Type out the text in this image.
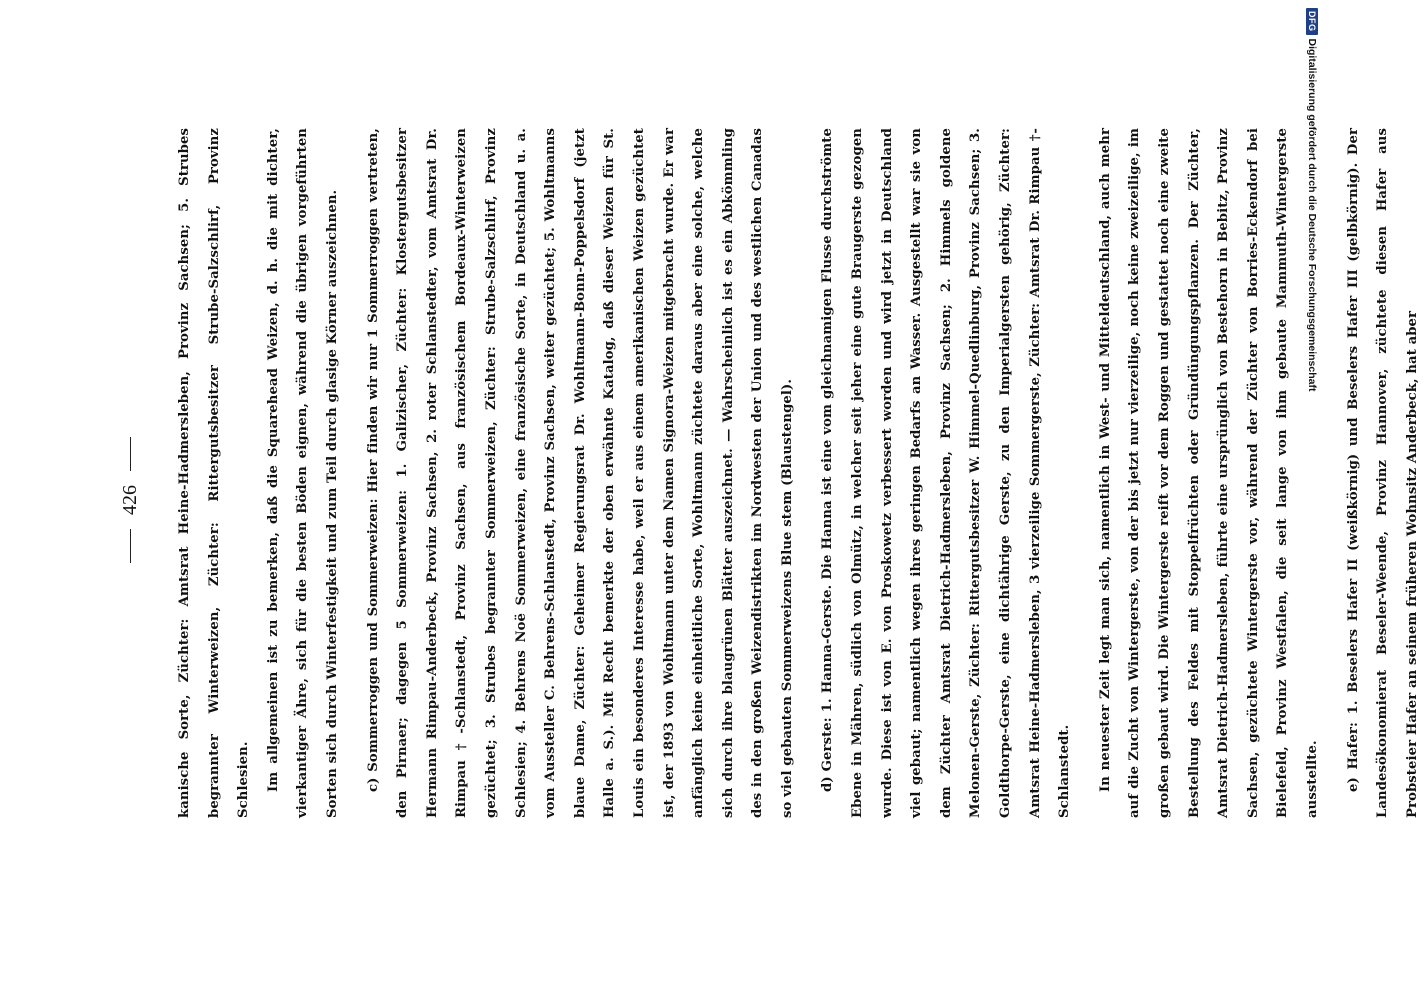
426	kanische Sorte, Züchter: Amtsrat Heine-Hadmersleben, Provinz Sachsen; 5. Strubes begrannter Winterweizen, Züchter: Rittergutsbesitzer Strube-Salzschlirf, Provinz Schlesien.	Im allgemeinen ist zu bemerken, daß die Squarehead Weizen, d. h. die mit dichter, vierkantiger Ähre, sich für die besten Böden eignen, während die übrigen vorgeführten Sorten sich durch Winterfestigkeit und zum Teil durch glasige Körner auszeichnen.	c) Sommerroggen und Sommerweizen: Hier finden wir nur 1 Sommerroggen vertreten, den Pirnaer; dagegen 5 Sommerweizen: 1. Galizischer, Züchter: Klostergutsbesitzer Hermann Rimpau-Anderbeck, Provinz Sachsen, 2. roter Schlanstedter, vom Amtsrat Dr. Rimpau†-Schlanstedt, Provinz Sachsen, aus französischem Bordeaux-Winterweizen gezüchtet; 3. Strubes begrannter Sommerweizen, Züchter: Strube-Salzschlirf, Provinz Schlesien; 4. Behrens Noë Sommerweizen, eine französische Sorte, in Deutschland u. a. vom Aussteller C. Behrens-Schlanstedt, Provinz Sachsen, weiter gezüchtet; 5. Wohltmanns blaue Dame, Züchter: Geheimer Regierungsrat Dr. Wohltmann-Bonn-Poppelsdorf (jetzt Halle a. S.). Mit Recht bemerkte der oben erwähnte Katalog, daß dieser Weizen für St. Louis ein besonderes Interesse habe, weil er aus einem amerikanischen Weizen gezüchtet ist, der 1893 von Wohltmann unter dem Namen Signora-Weizen mitgebracht wurde. Er war anfänglich keine einheitliche Sorte, Wohltmann züchtete daraus aber eine solche, welche sich durch ihre blaugrünen Blätter auszeichnet. — Wahrscheinlich ist es ein Abkömmling des in den großen Weizendistrikten im Nordwesten der Union und des westlichen Canadas so viel gebauten Sommerweizens Blue stem (Blaustengel).	d) Gerste: 1. Hanna-Gerste. Die Hanna ist eine vom gleichnamigen Flusse durchströmte Ebene in Mähren, südlich von Olmütz, in welcher seit jeher eine gute Braugerste gezogen wurde. Diese ist von E. von Proskowetz verbessert worden und wird jetzt in Deutschland viel gebaut; namentlich wegen ihres geringen Bedarfs an Wasser. Ausgestellt war sie von dem Züchter Amtsrat Dietrich-Hadmersleben, Provinz Sachsen; 2. Himmels goldene Melonen-Gerste, Züchter: Rittergutsbesitzer W. Himmel-Quedlinburg, Provinz Sachsen; 3. Goldthorpe-Gerste, eine dichtährige Gerste, zu den Imperialgersten gehörig, Züchter: Amtsrat Heine-Hadmersleben, 3 vierzeilige Sommergerste, Züchter: Amtsrat Dr. Rimpau †-Schlanstedt.	In neuester Zeit legt man sich, namentlich in West- und Mitteldeutschland, auch mehr auf die Zucht von Wintergerste, von der bis jetzt nur vierzeilige, noch keine zweizeilige, im großen gebaut wird. Die Wintergerste reift vor dem Roggen und gestattet noch eine zweite Bestellung des Feldes mit Stoppelfrüchten oder Gründüngungspflanzen. Der Züchter, Amtsrat Dietrich-Hadmersleben, führte eine ursprünglich von Bestehorn in Bebitz, Provinz Sachsen, gezüchtete Wintergerste vor, während der Züchter von Borries-Eckendorf bei Bielefeld, Provinz Westfalen, die seit lange von ihm gebaute Mammuth-Wintergerste ausstellte.	e) Hafer: 1. Beselers Hafer II (weißkörnig) und Beselers Hafer III (gelbkörnig). Der Landesökonomierat Beseler-Weende, Provinz Hannover, züchtete diesen Hafer aus Probsteier Hafer an seinem früheren Wohnsitz Anderbeck, hat aber

DFG
Digitalisierung gefördert durch die Deutsche Forschungsgemeinschaft
